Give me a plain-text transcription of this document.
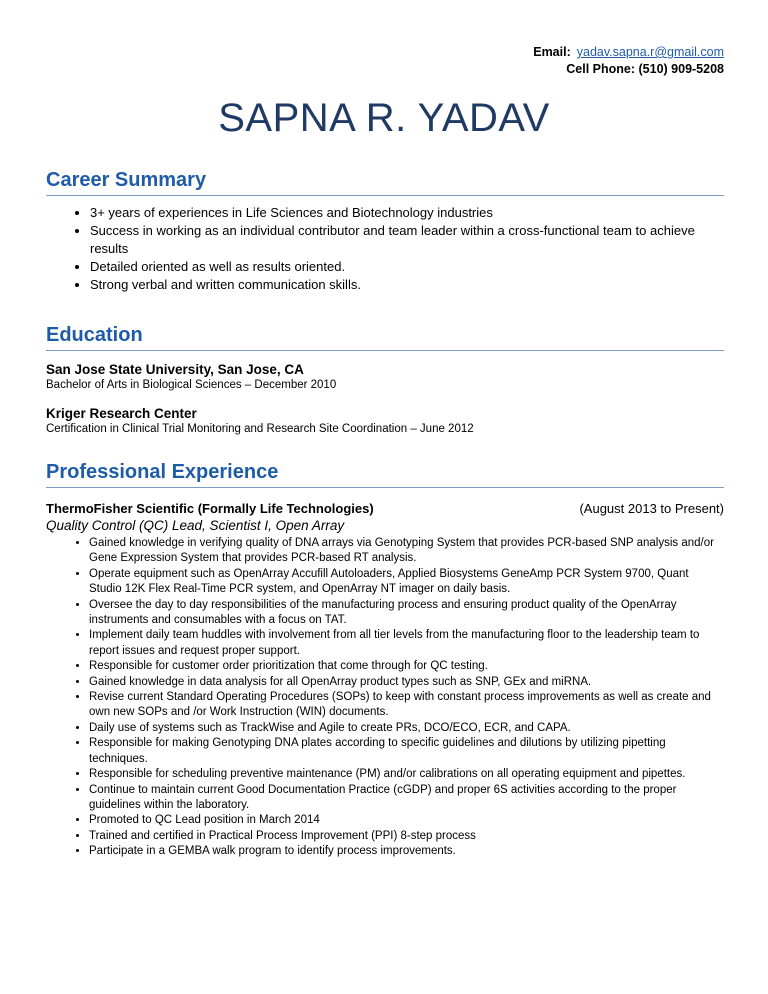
Email: yadav.sapna.r@gmail.com
Cell Phone: (510) 909-5208
SAPNA R. YADAV
Career Summary
• 3+ years of experiences in Life Sciences and Biotechnology industries
• Success in working as an individual contributor and team leader within a cross-functional team to achieve results
• Detailed oriented as well as results oriented.
• Strong verbal and written communication skills.
Education
San Jose State University, San Jose, CA
Bachelor of Arts in Biological Sciences – December 2010
Kriger Research Center
Certification in Clinical Trial Monitoring and Research Site Coordination – June 2012
Professional Experience
ThermoFisher Scientific (Formally Life Technologies)	(August 2013 to Present)
Quality Control (QC) Lead, Scientist I, Open Array
• Gained knowledge in verifying quality of DNA arrays via Genotyping System that provides PCR-based SNP analysis and/or Gene Expression System that provides PCR-based RT analysis.
• Operate equipment such as OpenArray Accufill Autoloaders, Applied Biosystems GeneAmp PCR System 9700, Quant Studio 12K Flex Real-Time PCR system, and OpenArray NT imager on daily basis.
• Oversee the day to day responsibilities of the manufacturing process and ensuring product quality of the OpenArray instruments and consumables with a focus on TAT.
• Implement daily team huddles with involvement from all tier levels from the manufacturing floor to the leadership team to report issues and request proper support.
• Responsible for customer order prioritization that come through for QC testing.
• Gained knowledge in data analysis for all OpenArray product types such as SNP, GEx and miRNA.
• Revise current Standard Operating Procedures (SOPs) to keep with constant process improvements as well as create and own new SOPs and /or Work Instruction (WIN) documents.
• Daily use of systems such as TrackWise and Agile to create PRs, DCO/ECO, ECR, and CAPA.
• Responsible for making Genotyping DNA plates according to specific guidelines and dilutions by utilizing pipetting techniques.
• Responsible for scheduling preventive maintenance (PM) and/or calibrations on all operating equipment and pipettes.
• Continue to maintain current Good Documentation Practice (cGDP) and proper 6S activities according to the proper guidelines within the laboratory.
• Promoted to QC Lead position in March 2014
• Trained and certified in Practical Process Improvement (PPI) 8-step process
• Participate in a GEMBA walk program to identify process improvements.
